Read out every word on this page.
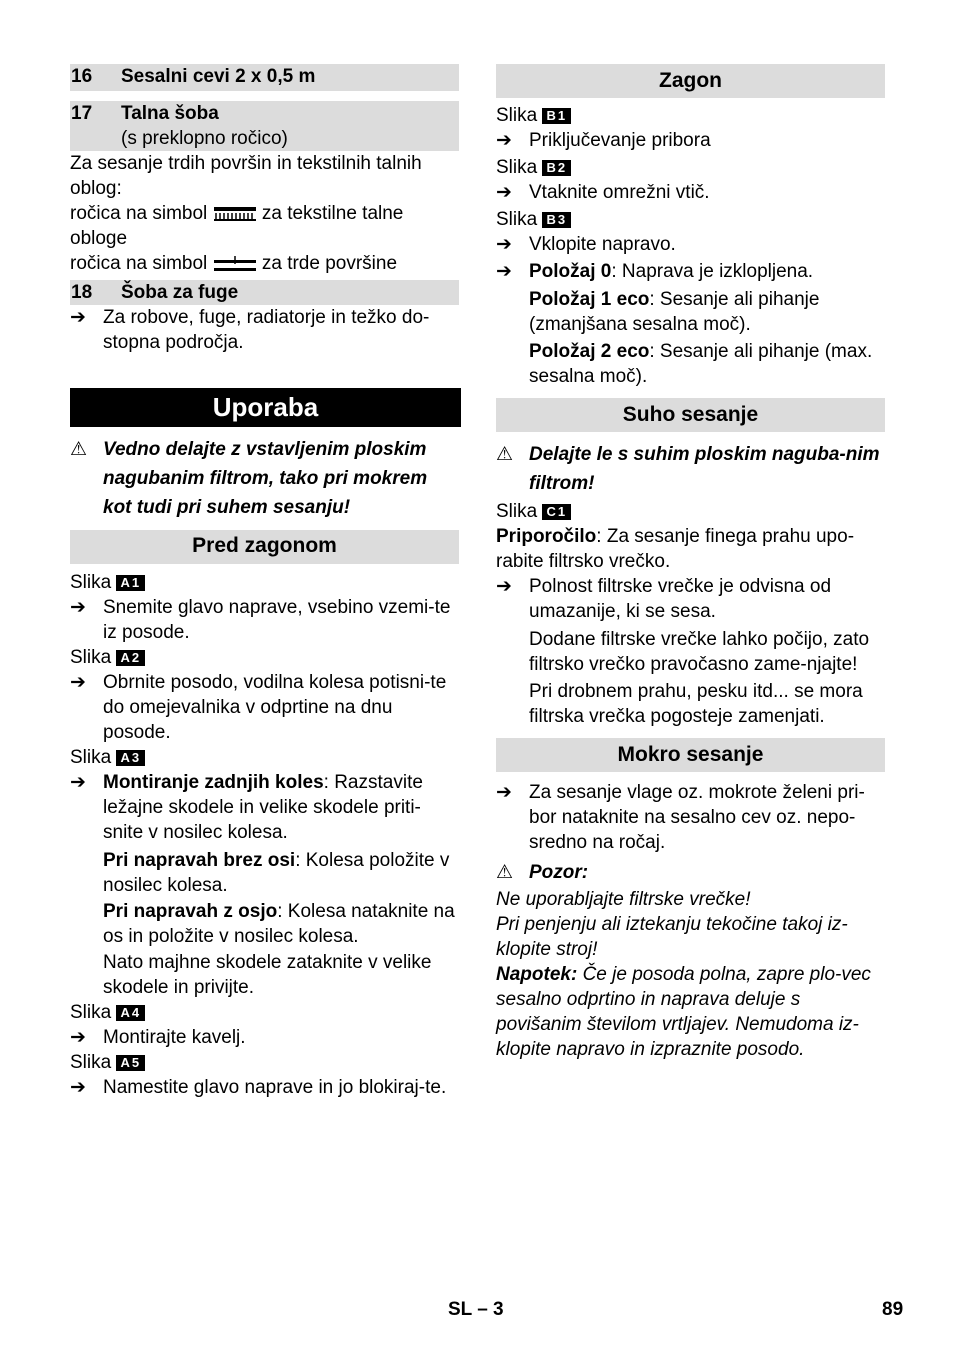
16	Sesalni cevi 2 x 0,5 m
17	Talna šoba
(s preklopno ročico)
Za sesanje trdih površin in tekstilnih talnih oblog:
ročica na simbol	za tekstilne talne
obloge
ročica na simbol	za trde površine
18	Šoba za fuge
➔ Za robove, fuge, radiatorje in težko do-stopna področja.
Uporaba
⚠ Vedno delajte z vstavljenim ploskim nagubanim filtrom, tako pri mokrem kot tudi pri suhem sesanju!
Pred zagonom
Slika A1
➔ Snemite glavo naprave, vsebino vzemi-te iz posode.
Slika A2
➔ Obrnite posodo, vodilna kolesa potisni-te do omejevalnika v odprtine na dnu posode.
Slika A3
➔ Montiranje zadnjih koles: Razstavite ležajne skodele in velike skodele priti-snite v nosilec kolesa.
Pri napravah brez osi: Kolesa položite v nosilec kolesa.
Pri napravah z osjo: Kolesa nataknite na os in položite v nosilec kolesa.
Nato majhne skodele zataknite v velike skodele in privijte.
Slika A4
➔ Montirajte kavelj.
Slika A5
➔ Namestite glavo naprave in jo blokiraj-te.
Zagon
Slika B1
➔ Priključevanje pribora
Slika B2
➔ Vtaknite omrežni vtič.
Slika B3
➔ Vklopite napravo.
➔ Položaj 0: Naprava je izklopljena.
Položaj 1 eco: Sesanje ali pihanje (zmanjšana sesalna moč).
Položaj 2 eco: Sesanje ali pihanje (max. sesalna moč).
Suho sesanje
⚠ Delajte le s suhim ploskim naguba-nim filtrom!
Slika C1
Priporočilo: Za sesanje finega prahu upo-rabite filtrsko vrečko.
➔ Polnost filtrske vrečke je odvisna od umazanije, ki se sesa.
Dodane filtrske vrečke lahko počijo, zato filtrsko vrečko pravočasno zame-njajte!
Pri drobnem prahu, pesku itd... se mora filtrska vrečka pogosteje zamenjati.
Mokro sesanje
➔ Za sesanje vlage oz. mokrote želeni pri-bor nataknite na sesalno cev oz. nepo-sredno na ročaj.
⚠ Pozor:
Ne uporabljajte filtrske vrečke!
Pri penjenju ali iztekanju tekočine takoj iz-klopite stroj!
Napotek: Če je posoda polna, zapre plo-vec sesalno odprtino in naprava deluje s povišanim številom vrtljajev. Nemudoma iz-klopite napravo in izpraznite posodo.
SL – 3	89
